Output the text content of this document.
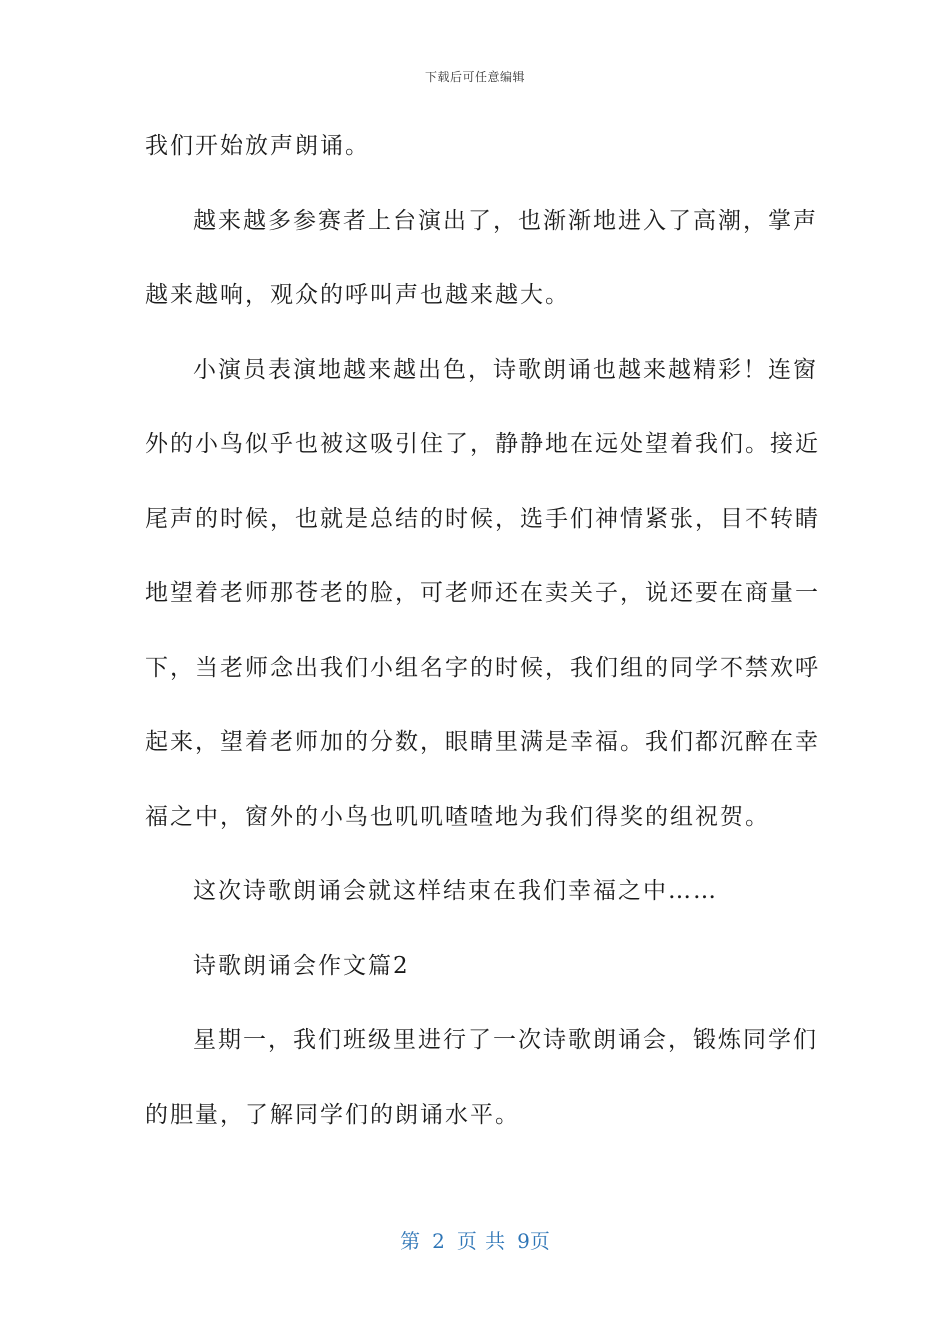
下载后可任意编辑
我们开始放声朗诵。
越来越多参赛者上台演出了，也渐渐地进入了高潮，掌声
越来越响，观众的呼叫声也越来越大。
小演员表演地越来越出色，诗歌朗诵也越来越精彩！连窗
外的小鸟似乎也被这吸引住了，静静地在远处望着我们。接近
尾声的时候，也就是总结的时候，选手们神情紧张，目不转睛
地望着老师那苍老的脸，可老师还在卖关子，说还要在商量一
下，当老师念出我们小组名字的时候，我们组的同学不禁欢呼
起来，望着老师加的分数，眼睛里满是幸福。我们都沉醉在幸
福之中，窗外的小鸟也叽叽喳喳地为我们得奖的组祝贺。
这次诗歌朗诵会就这样结束在我们幸福之中……
诗歌朗诵会作文篇2
星期一，我们班级里进行了一次诗歌朗诵会，锻炼同学们
的胆量，了解同学们的朗诵水平。
第 2 页 共 9页
